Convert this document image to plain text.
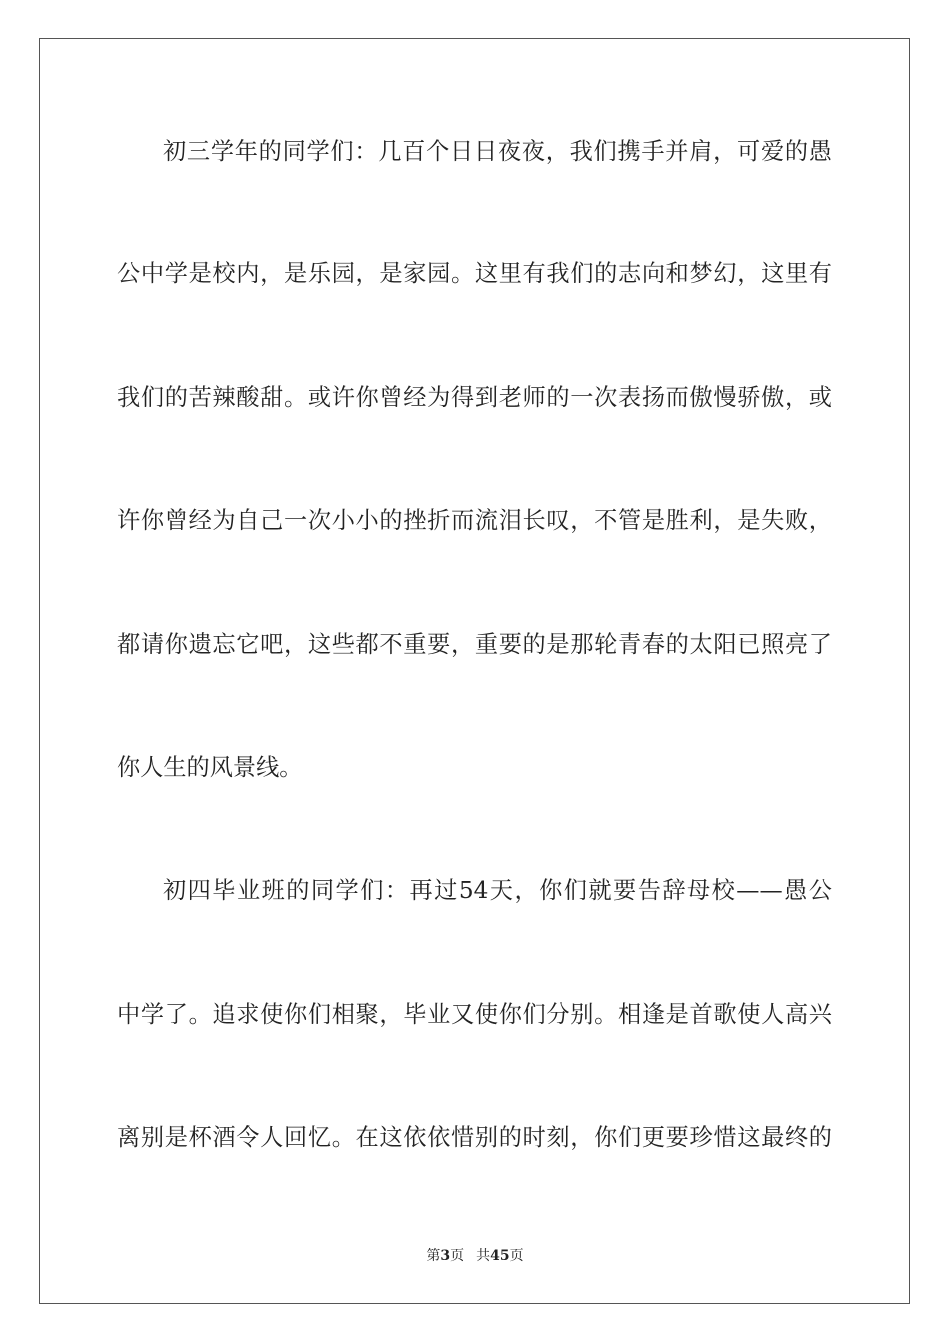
初三学年的同学们：几百个日日夜夜，我们携手并肩，可爱的愚
公中学是校内，是乐园，是家园。这里有我们的志向和梦幻，这里有
我们的苦辣酸甜。或许你曾经为得到老师的一次表扬而傲慢骄傲，或
许你曾经为自己一次小小的挫折而流泪长叹，不管是胜利，是失败，
都请你遗忘它吧，这些都不重要，重要的是那轮青春的太阳已照亮了
你人生的风景线。
初四毕业班的同学们：再过54天，你们就要告辞母校——愚公
中学了。追求使你们相聚，毕业又使你们分别。相逢是首歌使人高兴
离别是杯酒令人回忆。在这依依惜别的时刻，你们更要珍惜这最终的
第3页 共45页
